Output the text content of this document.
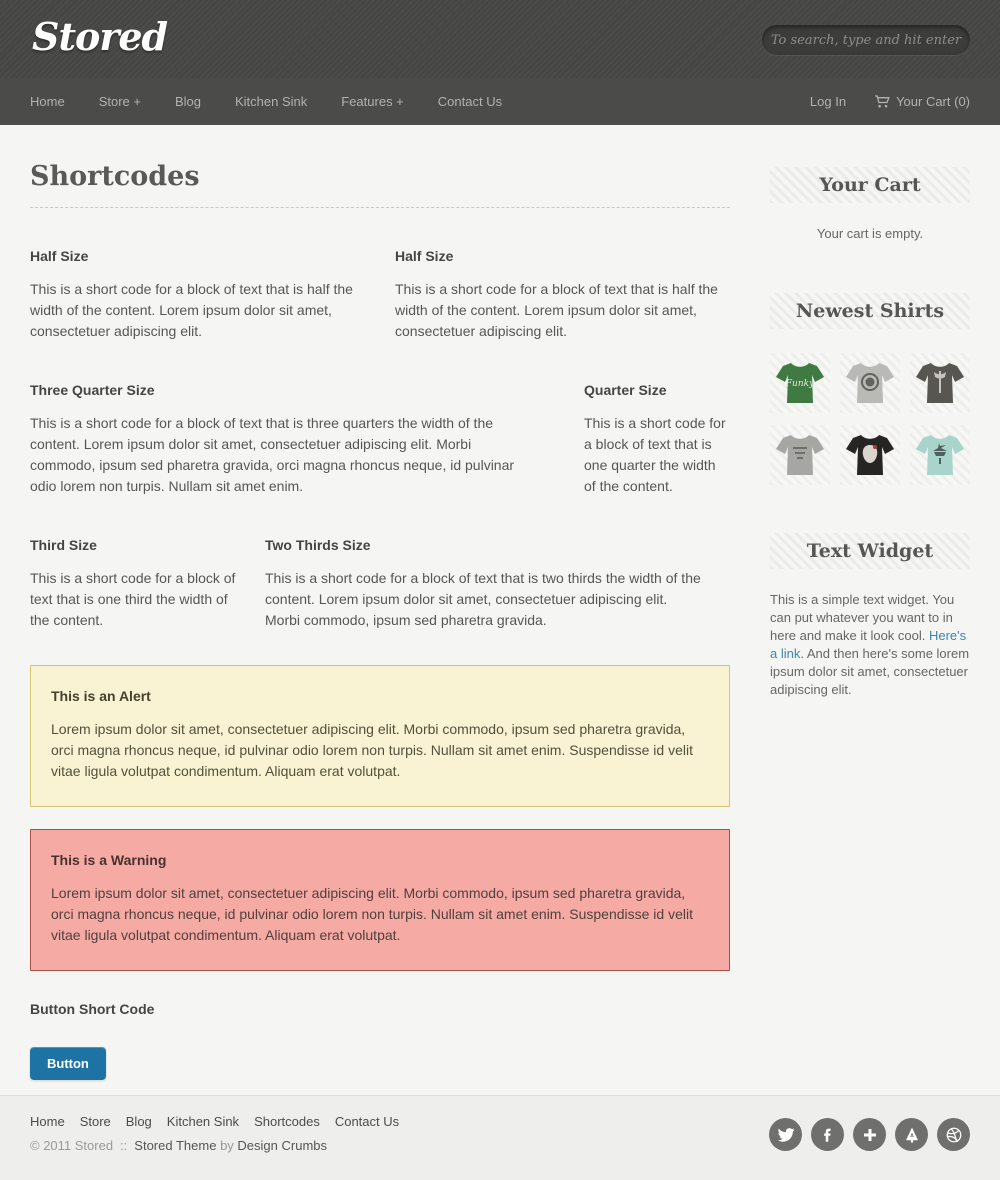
Stored
To search, type and hit enter
Home	Store +	Blog	Kitchen Sink	Features +	Contact Us	Log In	Your Cart (0)
Shortcodes
Half Size

This is a short code for a block of text that is half the width of the content. Lorem ipsum dolor sit amet, consectetuer adipiscing elit.

Half Size

This is a short code for a block of text that is half the width of the content. Lorem ipsum dolor sit amet, consectetuer adipiscing elit.

Three Quarter Size

This is a short code for a block of text that is three quarters the width of the content. Lorem ipsum dolor sit amet, consectetuer adipiscing elit. Morbi commodo, ipsum sed pharetra gravida, orci magna rhoncus neque, id pulvinar odio lorem non turpis. Nullam sit amet enim.

Quarter Size

This is a short code for a block of text that is one quarter the width of the content.

Third Size

This is a short code for a block of text that is one third the width of the content.

Two Thirds Size

This is a short code for a block of text that is two thirds the width of the content. Lorem ipsum dolor sit amet, consectetuer adipiscing elit. Morbi commodo, ipsum sed pharetra gravida.

This is an Alert

Lorem ipsum dolor sit amet, consectetuer adipiscing elit. Morbi commodo, ipsum sed pharetra gravida, orci magna rhoncus neque, id pulvinar odio lorem non turpis. Nullam sit amet enim. Suspendisse id velit vitae ligula volutpat condimentum. Aliquam erat volutpat.

This is a Warning

Lorem ipsum dolor sit amet, consectetuer adipiscing elit. Morbi commodo, ipsum sed pharetra gravida, orci magna rhoncus neque, id pulvinar odio lorem non turpis. Nullam sit amet enim. Suspendisse id velit vitae ligula volutpat condimentum. Aliquam erat volutpat.

Button Short Code
Button
Your Cart
Your cart is empty.
Newest Shirts
Funky
Text Widget

This is a simple text widget. You can put whatever you want to in here and make it look cool. Here's a link. And then here's some lorem ipsum dolor sit amet, consectetuer adipiscing elit.

Home Store Blog Kitchen Sink Shortcodes Contact Us
© 2011 Stored :: Stored Theme by Design Crumbs
